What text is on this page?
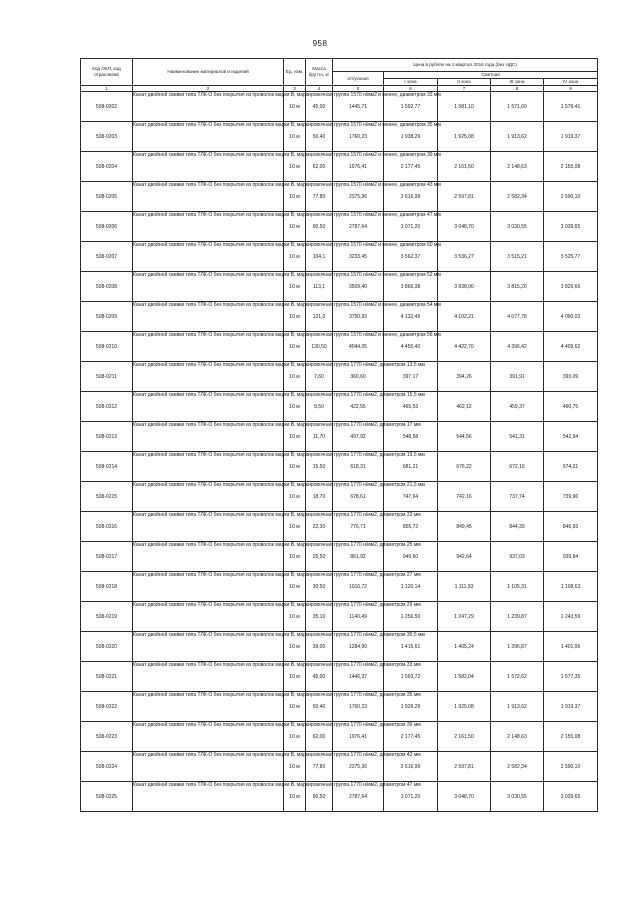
958
Код ОКП, код отраслевой	Наименование материалов и изделий	Ед. изм.	Масса брутто, кг	Цена в рублях на 1 квартал 2016 года (без НДС)				
				отпускная	Сметная			
					I зона	II зона	III зона	IV зона
1	2	3	4	5	6	7	8	9
508-0202	Канат двойной свивки типа ТЛК-О без покрытия из проволок марки В, маркировочная группа 1570 н/мм2 и менее, диаметром 33 мм	10 м	45,00	1445,71	1 592,77	1 581,10	1 571,69	1 576,41
508-0203	Канат двойной свивки типа ТЛК-О без покрытия из проволок марки В, маркировочная группа 1570 н/мм2 и менее, диаметром 35 мм	10 м	50,40	1760,23	1 938,29	1 925,08	1 913,62	1 919,37
508-0204	Канат двойной свивки типа ТЛК-О без покрытия из проволок марки В, маркировочная группа 1570 н/мм2 и менее, диаметром 39 мм	10 м	62,00	1976,41	2 177,45	2 161,50	2 148,63	2 155,08
508-0205	Канат двойной свивки типа ТЛК-О без покрытия из проволок марки В, маркировочная группа 1570 н/мм2 и менее, диаметром 43 мм	10 м	77,80	2375,36	2 616,99	2 597,81	2 582,34	2 590,10
508-0206	Канат двойной свивки типа ТЛК-О без покрытия из проволок марки В, маркировочная группа 1570 н/мм2 и менее, диаметром 47 мм	10 м	90,50	2787,64	3 071,20	3 048,70	3 030,55	3 039,65
508-0207	Канат двойной свивки типа ТЛК-О без покрытия из проволок марки В, маркировочная группа 1570 н/мм2 и менее, диаметром 50 мм	10 м	104,1	3233,45	3 562,37	3 536,27	3 515,21	3 525,77
508-0208	Канат двойной свивки типа ТЛК-О без покрытия из проволок марки В, маркировочная группа 1570 н/мм2 и менее, диаметром 52 мм	10 м	113,1	3509,40	3 866,38	3 838,06	3 815,20	3 826,66
508-0209	Канат двойной свивки типа ТЛК-О без покрытия из проволок марки В, маркировочная группа 1570 н/мм2 и менее, диаметром 54 мм	10 м	121,0	3750,93	4 132,49	4 102,21	4 077,78	4 090,03
508-0210	Канат двойной свивки типа ТЛК-О без покрытия из проволок марки В, маркировочная группа 1570 н/мм2 и менее, диаметром 56 мм	10 м	130,50	4044,05	4 455,40	4 422,76	4 396,42	4 409,62
508-0211	Канат двойной свивки типа ТЛК-О без покрытия из проволок марки В, маркировочная группа 1770 н/мм2, диаметром 13,5 мм	10 м	7,60	360,60	397,17	394,26	391,91	393,09
508-0212	Канат двойной свивки типа ТЛК-О без покрытия из проволок марки В, маркировочная группа 1770 н/мм2, диаметром 15,5 мм	10 м	9,50	422,55	465,53	462,12	459,37	460,75
508-0213	Канат двойной свивки типа ТЛК-О без покрытия из проволок марки В, маркировочная группа 1770 н/мм2, диаметром 17 мм	10 м	11,70	497,92	548,58	544,56	541,31	542,94
508-0214	Канат двойной свивки типа ТЛК-О без покрытия из проволок марки В, маркировочная группа 1770 н/мм2, диаметром 19,5 мм	10 м	15,50	618,31	681,21	676,22	672,19	674,21
508-0215	Канат двойной свивки типа ТЛК-О без покрытия из проволок марки В, маркировочная группа 1770 н/мм2, диаметром 21,5 мм	10 м	18,70	678,61	747,64	742,16	737,74	739,96
508-0216	Канат двойной свивки типа ТЛК-О без покрытия из проволок марки В, маркировочная группа 1770 н/мм2, диаметром 23 мм	10 м	22,30	776,71	855,72	849,45	844,39	846,93
508-0217	Канат двойной свивки типа ТЛК-О без покрытия из проволок марки В, маркировочная группа 1770 н/мм2, диаметром 25 мм	10 м	25,50	861,92	949,60	942,64	937,03	939,84
508-0218	Канат двойной свивки типа ТЛК-О без покрытия из проволок марки В, маркировочная группа 1770 н/мм2, диаметром 27 мм	10 м	30,50	1016,72	1 120,14	1 111,93	1 105,31	1 108,63
508-0219	Канат двойной свивки типа ТЛК-О без покрытия из проволок марки В, маркировочная группа 1770 н/мм2, диаметром 29 мм	10 м	35,10	1140,49	1 256,50	1 247,29	1 239,87	1 243,59
508-0220	Канат двойной свивки типа ТЛК-О без покрытия из проволок марки В, маркировочная группа 1770 н/мм2, диаметром 30,5 мм	10 м	39,00	1284,90	1 415,61	1 405,24	1 396,87	1 401,06
508-0221	Канат двойной свивки типа ТЛК-О без покрытия из проволок марки В, маркировочная группа 1770 н/мм2, диаметром 33 мм	10 м	45,00	1446,37	1 593,72	1 582,04	1 572,62	1 577,35
508-0222	Канат двойной свивки типа ТЛК-О без покрытия из проволок марки В, маркировочная группа 1770 н/мм2, диаметром 35 мм	10 м	50,40	1760,23	1 939,29	1 925,08	1 913,62	1 919,37
508-0223	Канат двойной свивки типа ТЛК-О без покрытия из проволок марки В, маркировочная группа 1770 н/мм2, диаметром 39 мм	10 м	62,00	1976,41	2 177,45	2 161,50	2 148,63	2 155,08
508-0224	Канат двойной свивки типа ТЛК-О без покрытия из проволок марки В, маркировочная группа 1770 н/мм2, диаметром 43 мм	10 м	77,80	2375,36	2 616,99	2 597,81	2 582,34	2 590,10
508-0225	Канат двойной свивки типа ТЛК-О без покрытия из проволок марки В, маркировочная группа 1770 н/мм2, диаметром 47 мм	10 м	90,50	2787,64	3 071,20	3 048,70	3 030,55	3 039,65
